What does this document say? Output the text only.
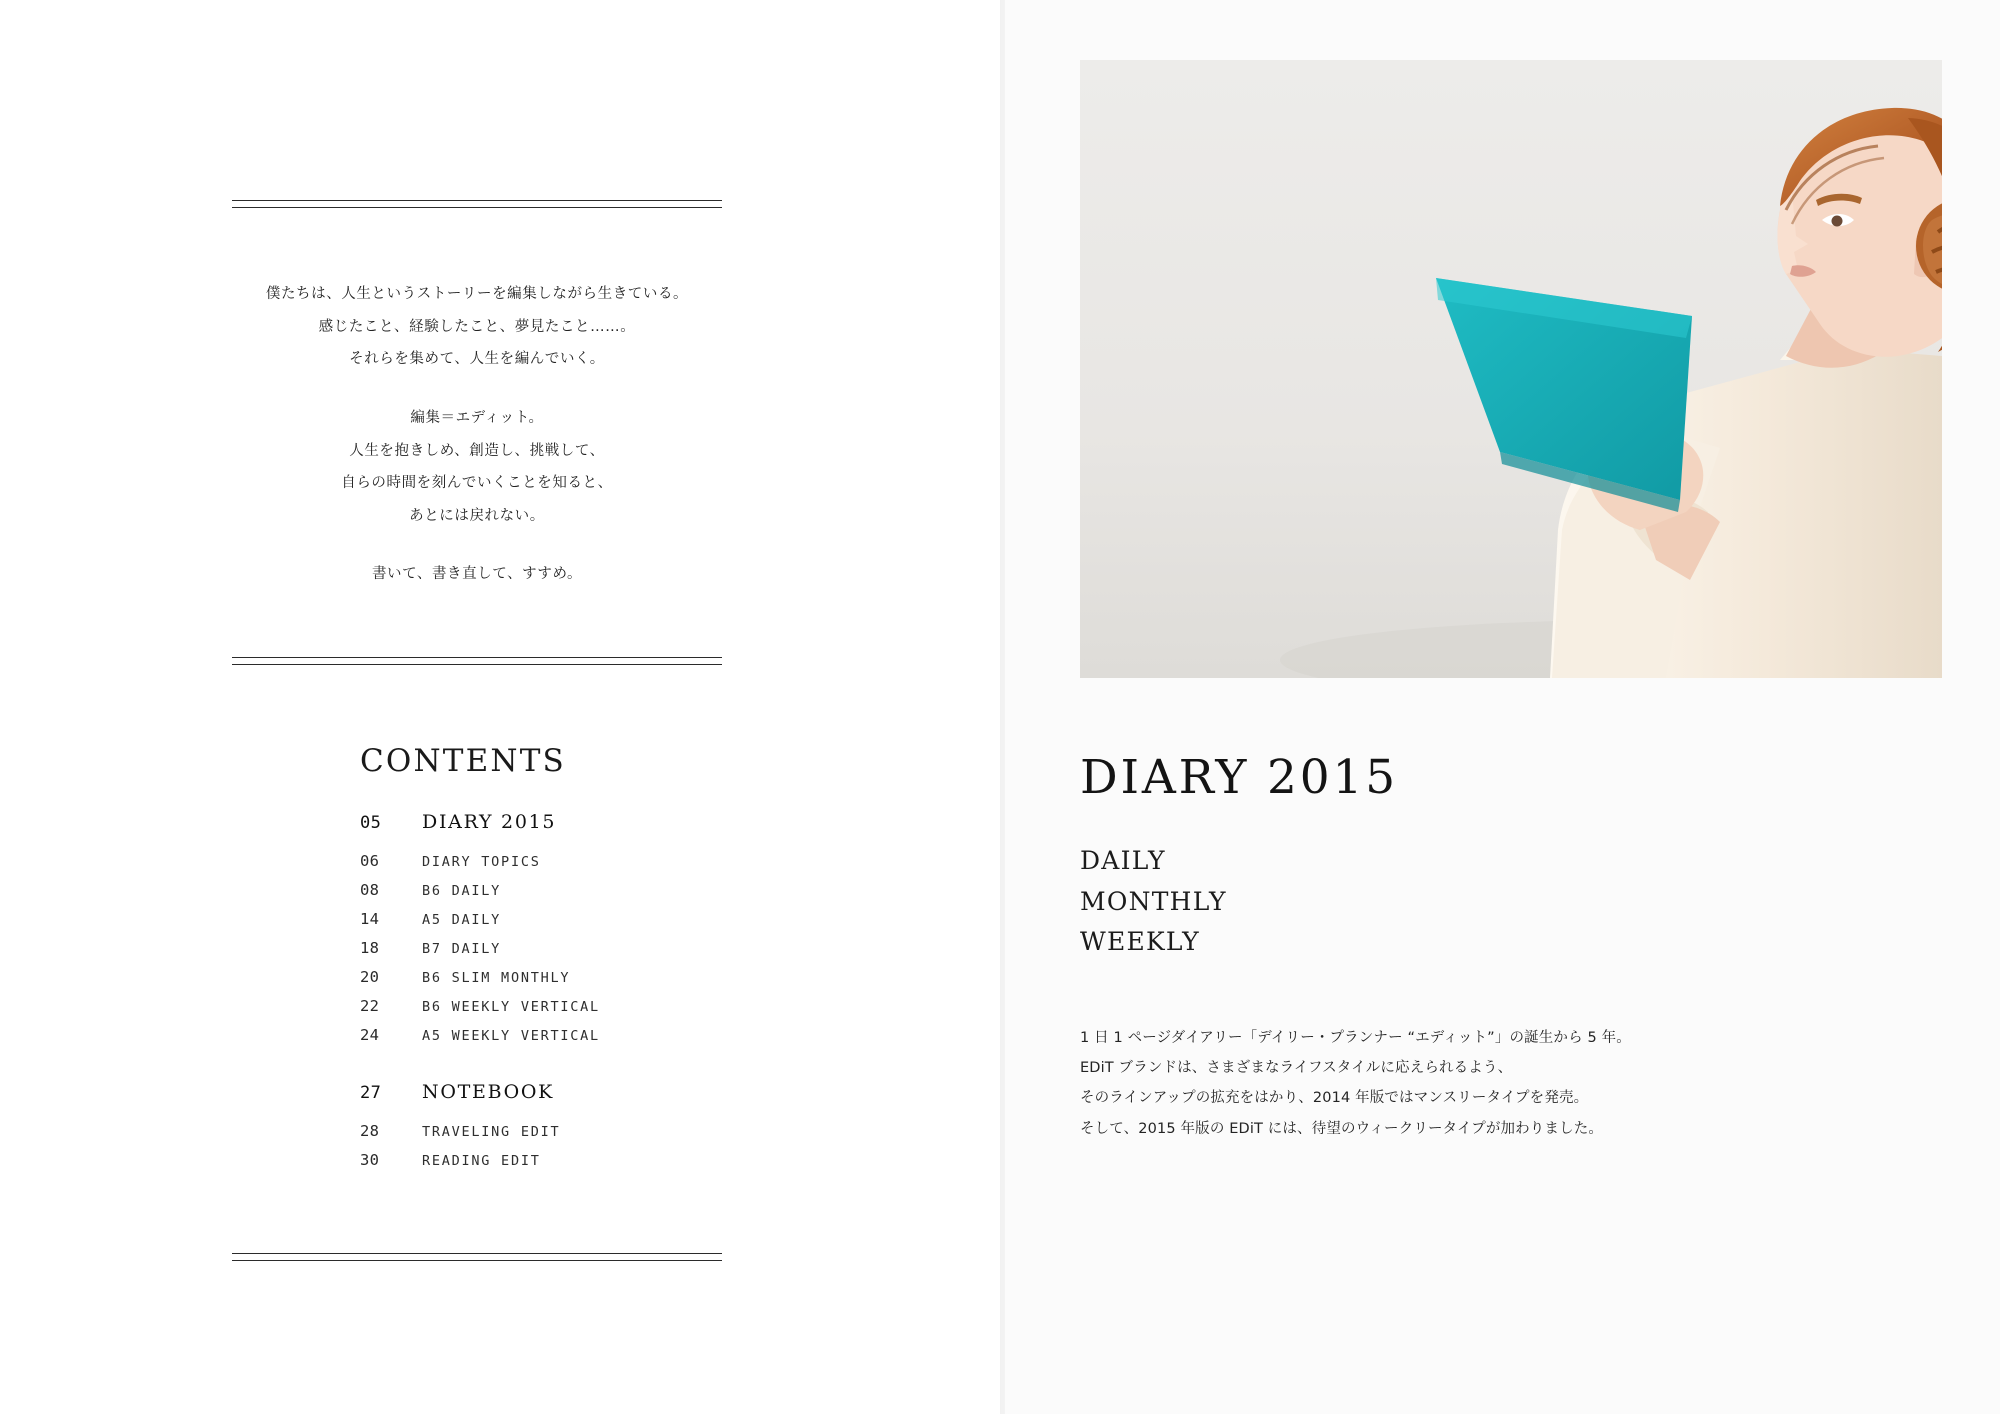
僕たちは、人生というストーリーを編集しながら生きている。
感じたこと、経験したこと、夢見たこと……。
それらを集めて、人生を編んでいく。
編集＝エディット。
人生を抱きしめ、創造し、挑戦して、
自らの時間を刻んでいくことを知ると、
あとには戻れない。
書いて、書き直して、すすめ。
CONTENTS
05	DIARY 2015
06	DIARY TOPICS
08	B6 DAILY
14	A5 DAILY
18	B7 DAILY
20	B6 SLIM MONTHLY
22	B6 WEEKLY VERTICAL
24	A5 WEEKLY VERTICAL
27	NOTEBOOK
28	TRAVELING EDIT
30	READING EDIT
DIARY 2015
DAILY
MONTHLY
WEEKLY
1 日 1 ページダイアリー「デイリー・プランナー “エディット”」の誕生から 5 年。
EDiT ブランドは、さまざまなライフスタイルに応えられるよう、
そのラインアップの拡充をはかり、2014 年版ではマンスリータイプを発売。
そして、2015 年版の EDiT には、待望のウィークリータイプが加わりました。
